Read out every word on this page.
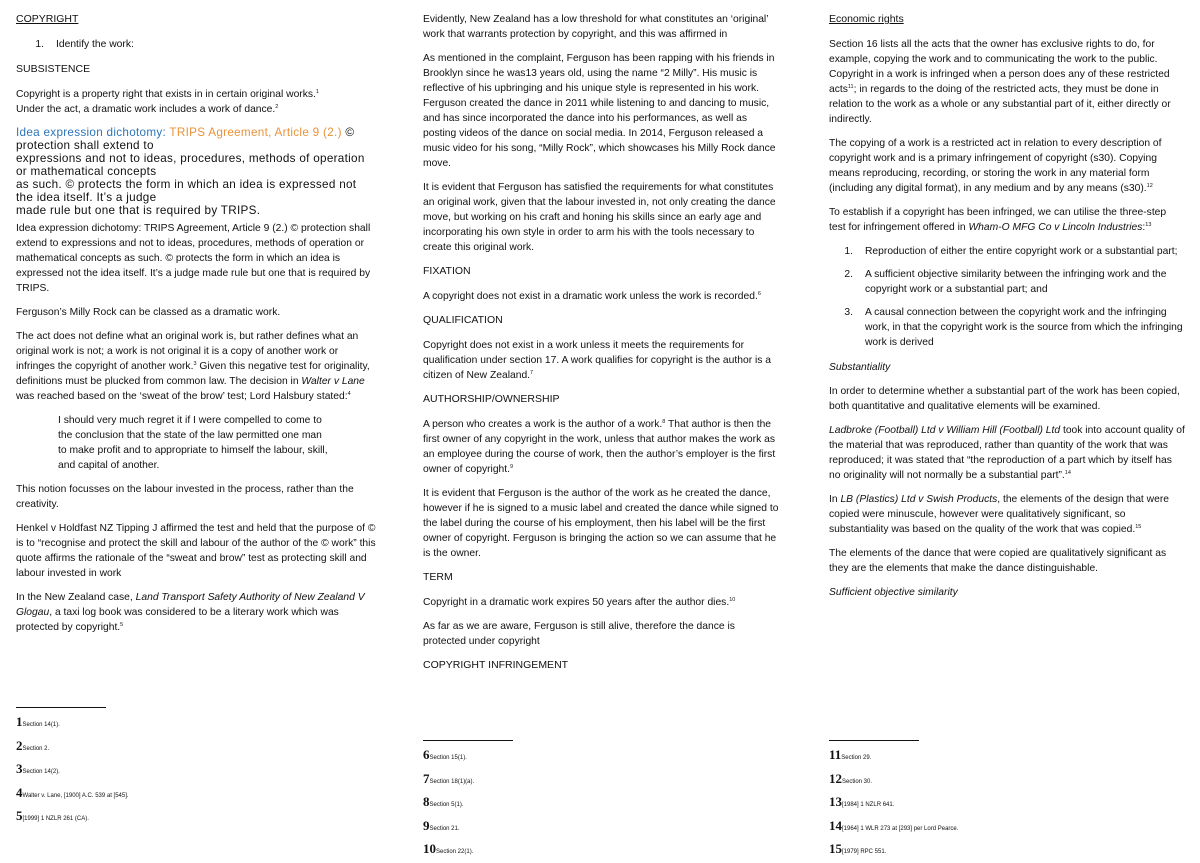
COPYRIGHT

1. Identify the work:

SUBSISTENCE

Copyright is a property right that exists in in certain original works.$^1$
Under the act, a dramatic work includes a work of dance.$^2$

Idea expression dichotomy: TRIPS Agreement, Article 9 (2.) © protection shall extend to

expressions and not to ideas, procedures, methods of operation or mathematical concepts

as such. © protects the form in which an idea is expressed not the idea itself. It’s a judge

made rule but one that is required by TRIPS.

Idea expression dichotomy: TRIPS Agreement, Article 9 (2.) © protection shall extend to expressions and not to ideas, procedures, methods of operation or mathematical concepts as such. © protects the form in which an idea is expressed not the idea itself. It’s a judge made rule but one that is required by TRIPS.

Ferguson’s Milly Rock can be classed as a dramatic work.

The act does not define what an original work is, but rather defines what an original work is not; a work is not original it is a copy of another work or infringes the copyright of another work.$^3$ Given this negative test for originality, definitions must be plucked from common law. The decision in Walter v Lane was reached based on the ‘sweat of the brow’ test; Lord Halsbury stated:$^4$

I should very much regret it if I were compelled to come to the conclusion that the state of the law permitted one man to make profit and to appropriate to himself the labour, skill, and capital of another.

This notion focusses on the labour invested in the process, rather than the creativity.

Henkel v Holdfast NZ Tipping J affirmed the test and held that the purpose of © is to “recognise and protect the skill and labour of the author of the © work” this quote affirms the rationale of the “sweat and brow” test as protecting skill and labour invested in work

In the New Zealand case, Land Transport Safety Authority of New Zealand V Glogau, a taxi log book was considered to be a literary work which was protected by copyright.$^5$

1Section 14(1).
2Section 2.
3Section 14(2).
4Walter v. Lane, [1900] A.C. 539 at [545].
5[1999] 1 NZLR 261 (CA).

Evidently, New Zealand has a low threshold for what constitutes an ‘original’ work that warrants protection by copyright, and this was affirmed in

As mentioned in the complaint, Ferguson has been rapping with his friends in Brooklyn since he was13 years old, using the name “2 Milly”. His music is reflective of his upbringing and his unique style is represented in his work. Ferguson created the dance in 2011 while listening to and dancing to music, and has since incorporated the dance into his performances, as well as posting videos of the dance on social media. In 2014, Ferguson released a music video for his song, “Milly Rock”, which showcases his Milly Rock dance move.

It is evident that Ferguson has satisfied the requirements for what constitutes an original work, given that the labour invested in, not only creating the dance move, but working on his craft and honing his skills since an early age and incorporating his own style in order to arm his with the tools necessary to create this original work.

FIXATION

A copyright does not exist in a dramatic work unless the work is recorded.$^6$

QUALIFICATION

Copyright does not exist in a work unless it meets the requirements for qualification under section 17. A work qualifies for copyright is the author is a citizen of New Zealand.$^7$

AUTHORSHIP/OWNERSHIP

A person who creates a work is the author of a work.$^8$ That author is then the first owner of any copyright in the work, unless that author makes the work as an employee during the course of work, then the author’s employer is the first owner of copyright.$^9$

It is evident that Ferguson is the author of the work as he created the dance, however if he is signed to a music label and created the dance while signed to the label during the course of his employment, then his label will be the first owner of copyright. Ferguson is bringing the action so we can assume that he is the owner.

TERM

Copyright in a dramatic work expires 50 years after the author dies.$^{10}$

As far as we are aware, Ferguson is still alive, therefore the dance is protected under copyright

COPYRIGHT INFRINGEMENT

6Section 15(1).
7Section 18(1)(a).
8Section 5(1).
9Section 21.
10Section 22(1).

Economic rights

Section 16 lists all the acts that the owner has exclusive rights to do, for example, copying the work and to communicating the work to the public. Copyright in a work is infringed when a person does any of these restricted acts$^{11}$; in regards to the doing of the restricted acts, they must be done in relation to the work as a whole or any substantial part of it, either directly or indirectly.

The copying of a work is a restricted act in relation to every description of copyright work and is a primary infringement of copyright (s30). Copying means reproducing, recording, or storing the work in any material form (including any digital format), in any medium and by any means (s30).$^{12}$

To establish if a copyright has been infringed, we can utilise the three-step test for infringement offered in Wham-O MFG Co v Lincoln Industries:$^{13}$

1. Reproduction of either the entire copyright work or a substantial part;
2. A sufficient objective similarity between the infringing work and the copyright work or a substantial part; and
3. A causal connection between the copyright work and the infringing work, in that the copyright work is the source from which the infringing work is derived

Substantiality

In order to determine whether a substantial part of the work has been copied, both quantitative and qualitative elements will be examined.

Ladbroke (Football) Ltd v William Hill (Football) Ltd took into account quality of the material that was reproduced, rather than quantity of the work that was reproduced; it was stated that “the reproduction of a part which by itself has no originality will not normally be a substantial part”.$^{14}$

In LB (Plastics) Ltd v Swish Products, the elements of the design that were copied were minuscule, however were qualitatively significant, so substantiality was based on the quality of the work that was copied.$^{15}$

The elements of the dance that were copied are qualitatively significant as they are the elements that make the dance distinguishable.

Sufficient objective similarity

11Section 29.
12Section 30.
13[1984] 1 NZLR 641.
14[1964] 1 WLR 273 at [293] per Lord Pearce.
15[1979] RPC 551.
